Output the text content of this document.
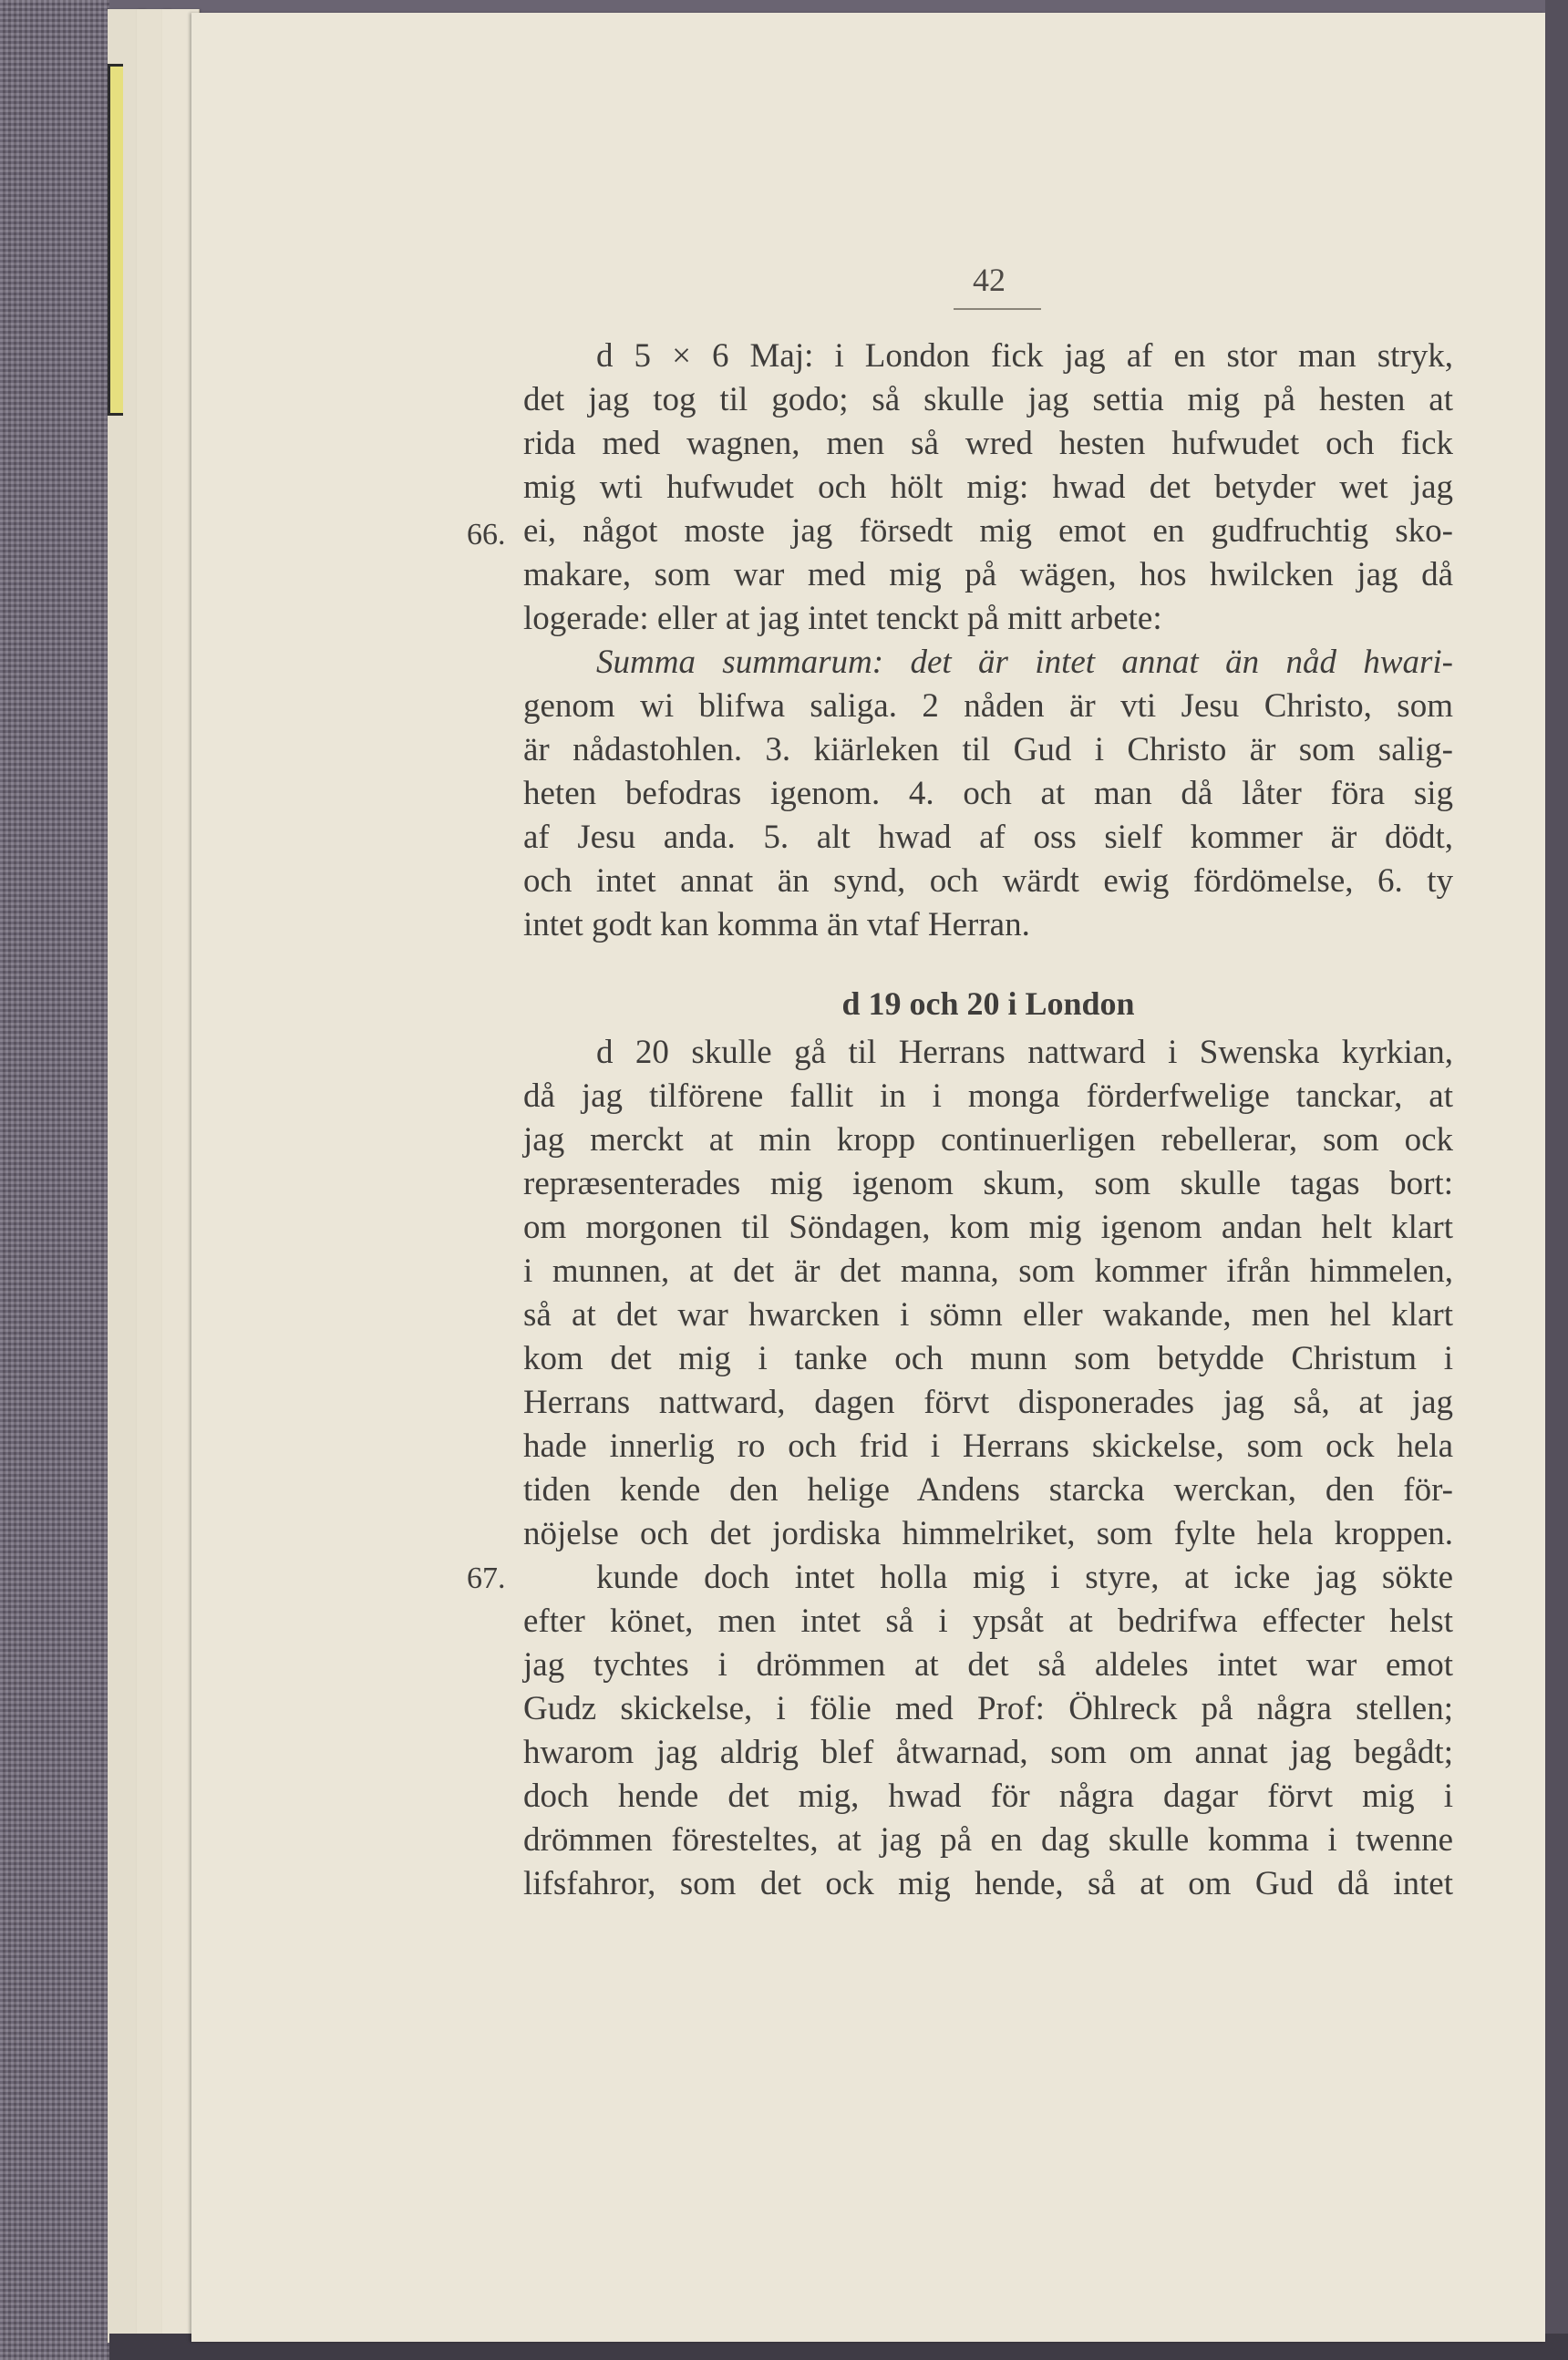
42
66.
67.
d 5 × 6 Maj: i London fick jag af en stor man stryk,
det jag tog til godo; så skulle jag settia mig på hesten at
rida med wagnen, men så wred hesten hufwudet och fick
mig wti hufwudet och hölt mig: hwad det betyder wet jag
ei, något moste jag försedt mig emot en gudfruchtig sko-
makare, som war med mig på wägen, hos hwilcken jag då
logerade: eller at jag intet tenckt på mitt arbete:
Summa summarum: det är intet annat än nåd hwari-
genom wi blifwa saliga. 2 nåden är vti Jesu Christo, som
är nådastohlen. 3. kiärleken til Gud i Christo är som salig-
heten befodras igenom. 4. och at man då låter föra sig
af Jesu anda. 5. alt hwad af oss sielf kommer är dödt,
och intet annat än synd, och wärdt ewig fördömelse, 6. ty
intet godt kan komma än vtaf Herran.
d 19 och 20 i London
d 20 skulle gå til Herrans nattward i Swenska kyrkian,
då jag tilförene fallit in i monga förderfwelige tanckar, at
jag merckt at min kropp continuerligen rebellerar, som ock
repræsenterades mig igenom skum, som skulle tagas bort:
om morgonen til Söndagen, kom mig igenom andan helt klart
i munnen, at det är det manna, som kommer ifrån himmelen,
så at det war hwarcken i sömn eller wakande, men hel klart
kom det mig i tanke och munn som betydde Christum i
Herrans nattward, dagen förvt disponerades jag så, at jag
hade innerlig ro och frid i Herrans skickelse, som ock hela
tiden kende den helige Andens starcka werckan, den för-
nöjelse och det jordiska himmelriket, som fylte hela kroppen.
kunde doch intet holla mig i styre, at icke jag sökte
efter könet, men intet så i ypsåt at bedrifwa effecter helst
jag tychtes i drömmen at det så aldeles intet war emot
Gudz skickelse, i fölie med Prof: Öhlreck på några stellen;
hwarom jag aldrig blef åtwarnad, som om annat jag begådt;
doch hende det mig, hwad för några dagar förvt mig i
drömmen föresteltes, at jag på en dag skulle komma i twenne
lifsfahror, som det ock mig hende, så at om Gud då intet
